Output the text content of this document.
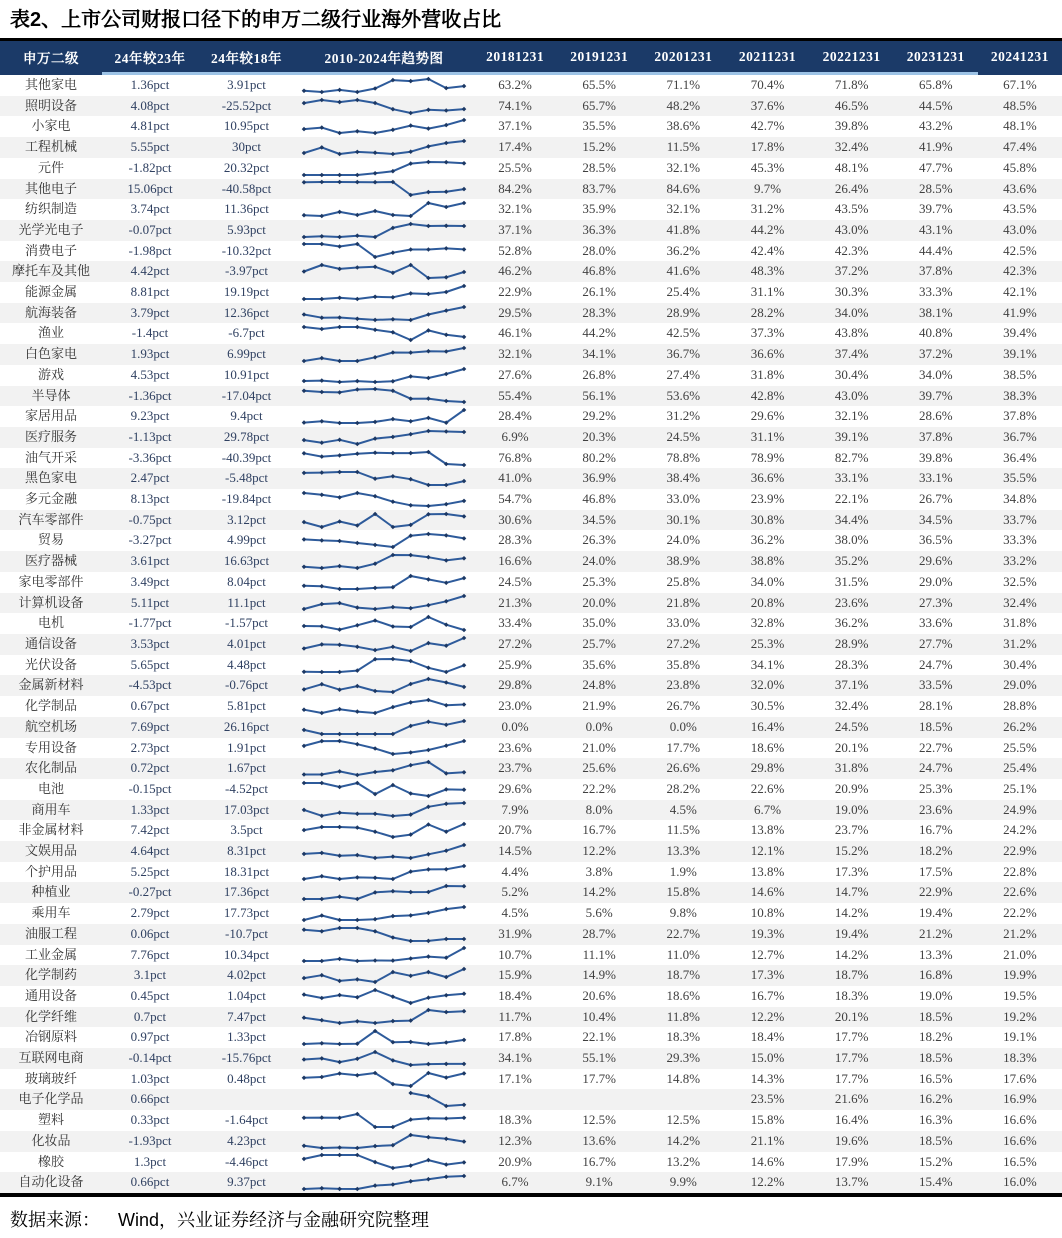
表2、上市公司财报口径下的申万二级行业海外营收占比
申万二级	24年较23年	24年较18年	2010-2024年趋势图	20181231	20191231	20201231	20211231	20221231	20231231	20241231
其他家电	1.36pct	3.91pct		63.2%	65.5%	71.1%	70.4%	71.8%	65.8%	67.1%
照明设备	4.08pct	-25.52pct		74.1%	65.7%	48.2%	37.6%	46.5%	44.5%	48.5%
小家电	4.81pct	10.95pct		37.1%	35.5%	38.6%	42.7%	39.8%	43.2%	48.1%
工程机械	5.55pct	30pct		17.4%	15.2%	11.5%	17.8%	32.4%	41.9%	47.4%
元件	-1.82pct	20.32pct		25.5%	28.5%	32.1%	45.3%	48.1%	47.7%	45.8%
其他电子	15.06pct	-40.58pct		84.2%	83.7%	84.6%	9.7%	26.4%	28.5%	43.6%
纺织制造	3.74pct	11.36pct		32.1%	35.9%	32.1%	31.2%	43.5%	39.7%	43.5%
光学光电子	-0.07pct	5.93pct		37.1%	36.3%	41.8%	44.2%	43.0%	43.1%	43.0%
消费电子	-1.98pct	-10.32pct		52.8%	28.0%	36.2%	42.4%	42.3%	44.4%	42.5%
摩托车及其他	4.42pct	-3.97pct		46.2%	46.8%	41.6%	48.3%	37.2%	37.8%	42.3%
能源金属	8.81pct	19.19pct		22.9%	26.1%	25.4%	31.1%	30.3%	33.3%	42.1%
航海装备	3.79pct	12.36pct		29.5%	28.3%	28.9%	28.2%	34.0%	38.1%	41.9%
渔业	-1.4pct	-6.7pct		46.1%	44.2%	42.5%	37.3%	43.8%	40.8%	39.4%
白色家电	1.93pct	6.99pct		32.1%	34.1%	36.7%	36.6%	37.4%	37.2%	39.1%
游戏	4.53pct	10.91pct		27.6%	26.8%	27.4%	31.8%	30.4%	34.0%	38.5%
半导体	-1.36pct	-17.04pct		55.4%	56.1%	53.6%	42.8%	43.0%	39.7%	38.3%
家居用品	9.23pct	9.4pct		28.4%	29.2%	31.2%	29.6%	32.1%	28.6%	37.8%
医疗服务	-1.13pct	29.78pct		6.9%	20.3%	24.5%	31.1%	39.1%	37.8%	36.7%
油气开采	-3.36pct	-40.39pct		76.8%	80.2%	78.8%	78.9%	82.7%	39.8%	36.4%
黑色家电	2.47pct	-5.48pct		41.0%	36.9%	38.4%	36.6%	33.1%	33.1%	35.5%
多元金融	8.13pct	-19.84pct		54.7%	46.8%	33.0%	23.9%	22.1%	26.7%	34.8%
汽车零部件	-0.75pct	3.12pct		30.6%	34.5%	30.1%	30.8%	34.4%	34.5%	33.7%
贸易	-3.27pct	4.99pct		28.3%	26.3%	24.0%	36.2%	38.0%	36.5%	33.3%
医疗器械	3.61pct	16.63pct		16.6%	24.0%	38.9%	38.8%	35.2%	29.6%	33.2%
家电零部件	3.49pct	8.04pct		24.5%	25.3%	25.8%	34.0%	31.5%	29.0%	32.5%
计算机设备	5.11pct	11.1pct		21.3%	20.0%	21.8%	20.8%	23.6%	27.3%	32.4%
电机	-1.77pct	-1.57pct		33.4%	35.0%	33.0%	32.8%	36.2%	33.6%	31.8%
通信设备	3.53pct	4.01pct		27.2%	25.7%	27.2%	25.3%	28.9%	27.7%	31.2%
光伏设备	5.65pct	4.48pct		25.9%	35.6%	35.8%	34.1%	28.3%	24.7%	30.4%
金属新材料	-4.53pct	-0.76pct		29.8%	24.8%	23.8%	32.0%	37.1%	33.5%	29.0%
化学制品	0.67pct	5.81pct		23.0%	21.9%	26.7%	30.5%	32.4%	28.1%	28.8%
航空机场	7.69pct	26.16pct		0.0%	0.0%	0.0%	16.4%	24.5%	18.5%	26.2%
专用设备	2.73pct	1.91pct		23.6%	21.0%	17.7%	18.6%	20.1%	22.7%	25.5%
农化制品	0.72pct	1.67pct		23.7%	25.6%	26.6%	29.8%	31.8%	24.7%	25.4%
电池	-0.15pct	-4.52pct		29.6%	22.2%	28.2%	22.6%	20.9%	25.3%	25.1%
商用车	1.33pct	17.03pct		7.9%	8.0%	4.5%	6.7%	19.0%	23.6%	24.9%
非金属材料	7.42pct	3.5pct		20.7%	16.7%	11.5%	13.8%	23.7%	16.7%	24.2%
文娱用品	4.64pct	8.31pct		14.5%	12.2%	13.3%	12.1%	15.2%	18.2%	22.9%
个护用品	5.25pct	18.31pct		4.4%	3.8%	1.9%	13.8%	17.3%	17.5%	22.8%
种植业	-0.27pct	17.36pct		5.2%	14.2%	15.8%	14.6%	14.7%	22.9%	22.6%
乘用车	2.79pct	17.73pct		4.5%	5.6%	9.8%	10.8%	14.2%	19.4%	22.2%
油服工程	0.06pct	-10.7pct		31.9%	28.7%	22.7%	19.3%	19.4%	21.2%	21.2%
工业金属	7.76pct	10.34pct		10.7%	11.1%	11.0%	12.7%	14.2%	13.3%	21.0%
化学制药	3.1pct	4.02pct		15.9%	14.9%	18.7%	17.3%	18.7%	16.8%	19.9%
通用设备	0.45pct	1.04pct		18.4%	20.6%	18.6%	16.7%	18.3%	19.0%	19.5%
化学纤维	0.7pct	7.47pct		11.7%	10.4%	11.8%	12.2%	20.1%	18.5%	19.2%
冶钢原料	0.97pct	1.33pct		17.8%	22.1%	18.3%	18.4%	17.7%	18.2%	19.1%
互联网电商	-0.14pct	-15.76pct		34.1%	55.1%	29.3%	15.0%	17.7%	18.5%	18.3%
玻璃玻纤	1.03pct	0.48pct		17.1%	17.7%	14.8%	14.3%	17.7%	16.5%	17.6%
电子化学品	0.66pct						23.5%	21.6%	16.2%	16.9%
塑料	0.33pct	-1.64pct		18.3%	12.5%	12.5%	15.8%	16.4%	16.3%	16.6%
化妆品	-1.93pct	4.23pct		12.3%	13.6%	14.2%	21.1%	19.6%	18.5%	16.6%
橡胶	1.3pct	-4.46pct		20.9%	16.7%	13.2%	14.6%	17.9%	15.2%	16.5%
自动化设备	0.66pct	9.37pct		6.7%	9.1%	9.9%	12.2%	13.7%	15.4%	16.0%
数据来源： Wind，兴业证券经济与金融研究院整理
